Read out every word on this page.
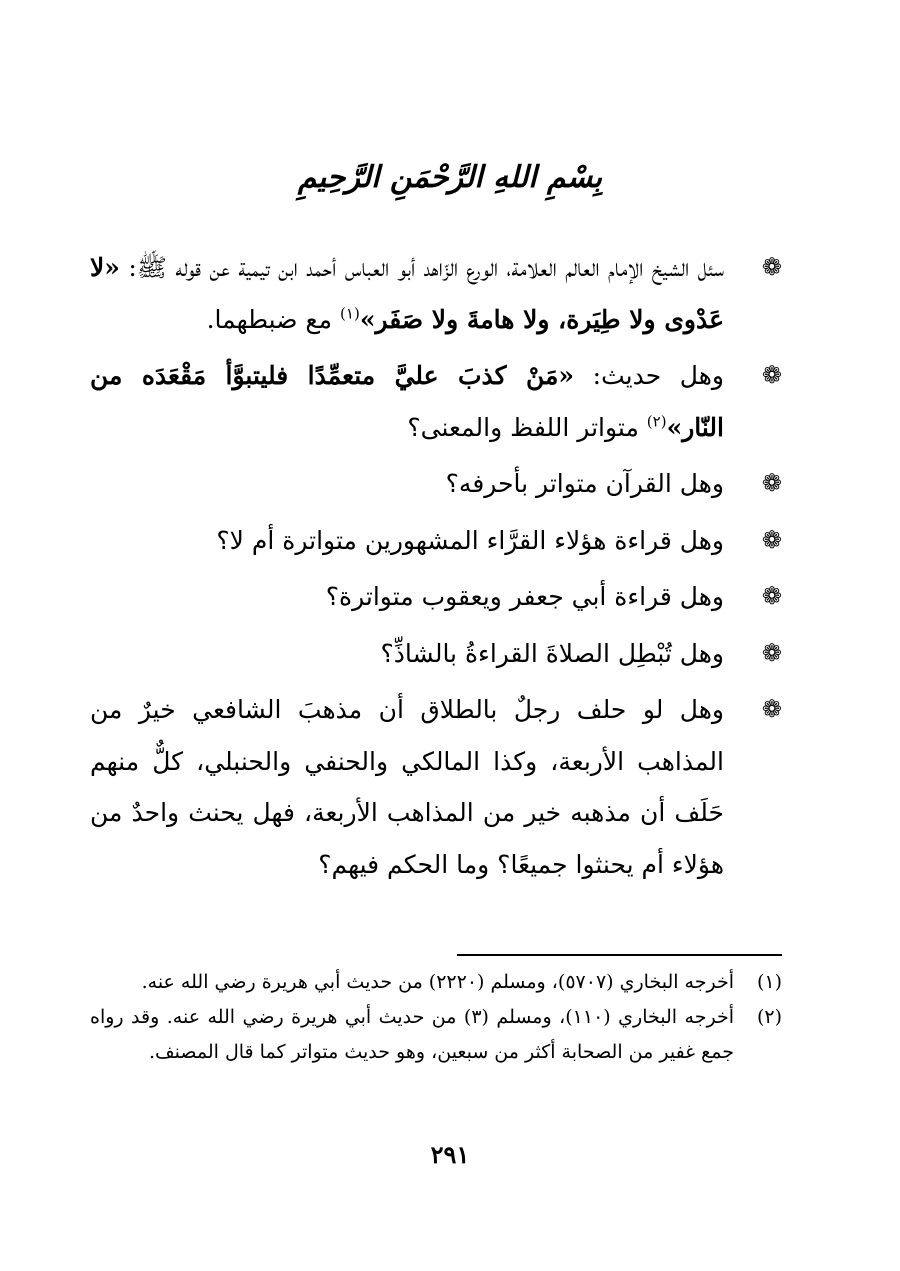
بِسْمِ اللهِ الرَّحْمَنِ الرَّحِيمِ
❁
سئل الشيخ الإمام العالم العلامة، الورع الزّاهد أبو العباس أحمد ابن تيمية عن قوله ﷺ: «لا عَدْوى ولا طِيَرة، ولا هامةَ ولا صَفَر»$^{(١)}$ مع ضبطهما.
❁
وهل حديث: «مَنْ كذبَ عليَّ متعمِّدًا فليتبوَّأ مَقْعَدَه من النّار»$^{(٢)}$ متواتر اللفظ والمعنى؟
❁
وهل القرآن متواتر بأحرفه؟
❁
وهل قراءة هؤلاء القرَّاء المشهورين متواترة أم لا؟
❁
وهل قراءة أبي جعفر ويعقوب متواترة؟
❁
وهل تُبْطِل الصلاةَ القراءةُ بالشاذِّ؟
❁
وهل لو حلف رجلٌ بالطلاق أن مذهبَ الشافعي خيرٌ من المذاهب الأربعة، وكذا المالكي والحنفي والحنبلي، كلٌّ منهم حَلَف أن مذهبه خير من المذاهب الأربعة، فهل يحنث واحدٌ من هؤلاء أم يحنثوا جميعًا؟ وما الحكم فيهم؟
(١)
أخرجه البخاري (٥٧٠٧)، ومسلم (٢٢٢٠) من حديث أبي هريرة رضي الله عنه.
(٢)
أخرجه البخاري (١١٠)، ومسلم (٣) من حديث أبي هريرة رضي الله عنه. وقد رواه جمع غفير من الصحابة أكثر من سبعين، وهو حديث متواتر كما قال المصنف.
٢٩١
